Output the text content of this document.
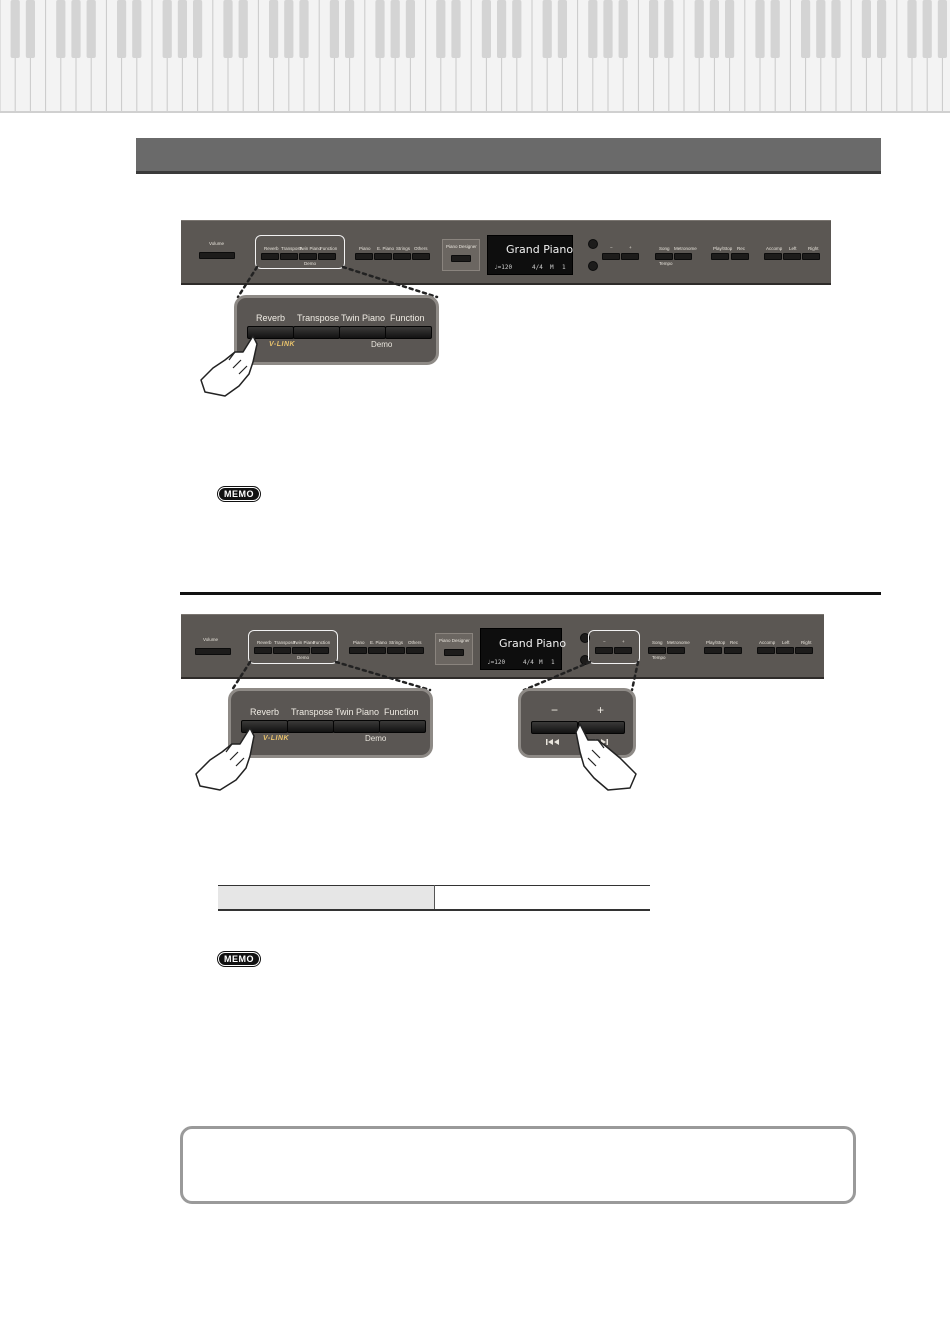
Volume
Reverb Transpose
Twin Piano
Function
Demo
Piano E. Piano Strings Others	Piano Designer	Grand Piano
♩=120	4/4 M 1
−	+	Song Metronome
Tempo
Play/Stop Rec	Accomp Left	Right
Reverb Transpose Twin Piano Function
V-LINK	Demo
MEMO
Volume
Reverb Transpose
Twin Piano
Function
Demo
Piano E. Piano Strings Others	Piano Designer	Grand Piano
♩=120	4/4 M 1
−	+	Song Metronome
Tempo
Play/Stop Rec	Accomp Left	Right
Reverb Transpose Twin Piano Function
V-LINK	Demo
−	+

MEMO
